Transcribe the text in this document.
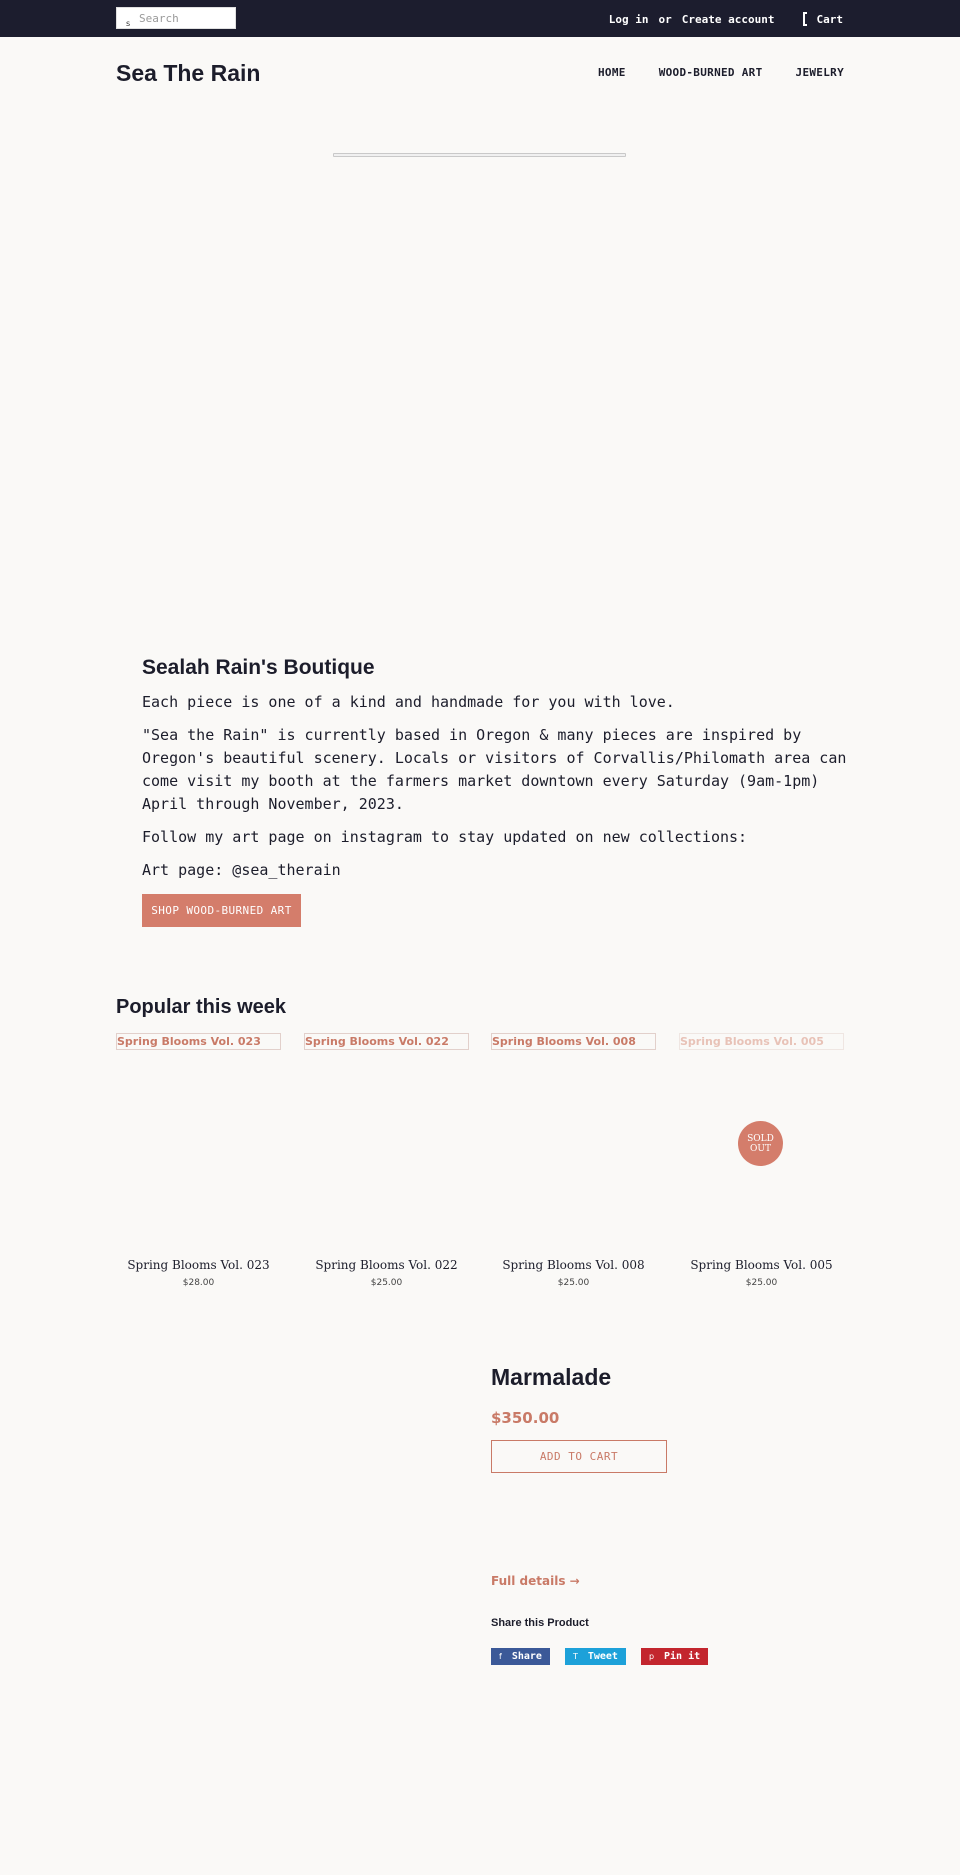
s
Search	Log in or Create account	Cart
Sea The Rain	HOME	WOOD-BURNED ART	JEWELRY
Sealah Rain's Boutique

Each piece is one of a kind and handmade for you with love.

"Sea the Rain" is currently based in Oregon & many pieces are inspired by Oregon's beautiful scenery. Locals or visitors of Corvallis/Philomath area can come visit my booth at the farmers market downtown every Saturday (9am-1pm) April through November, 2023.

Follow my art page on instagram to stay updated on new collections:

Art page: @sea_therain

SHOP WOOD-BURNED ART
Popular this week
Spring Blooms Vol. 023
Spring Blooms Vol. 023
$28.00
Spring Blooms Vol. 022
Spring Blooms Vol. 022
$25.00
Spring Blooms Vol. 008
Spring Blooms Vol. 008
$25.00
Spring Blooms Vol. 005
Spring Blooms Vol. 005
$25.00
SOLD
OUT
Marmalade
$350.00
ADD TO CART
Full details →
Share this Product
f Share	T Tweet	p Pin it
